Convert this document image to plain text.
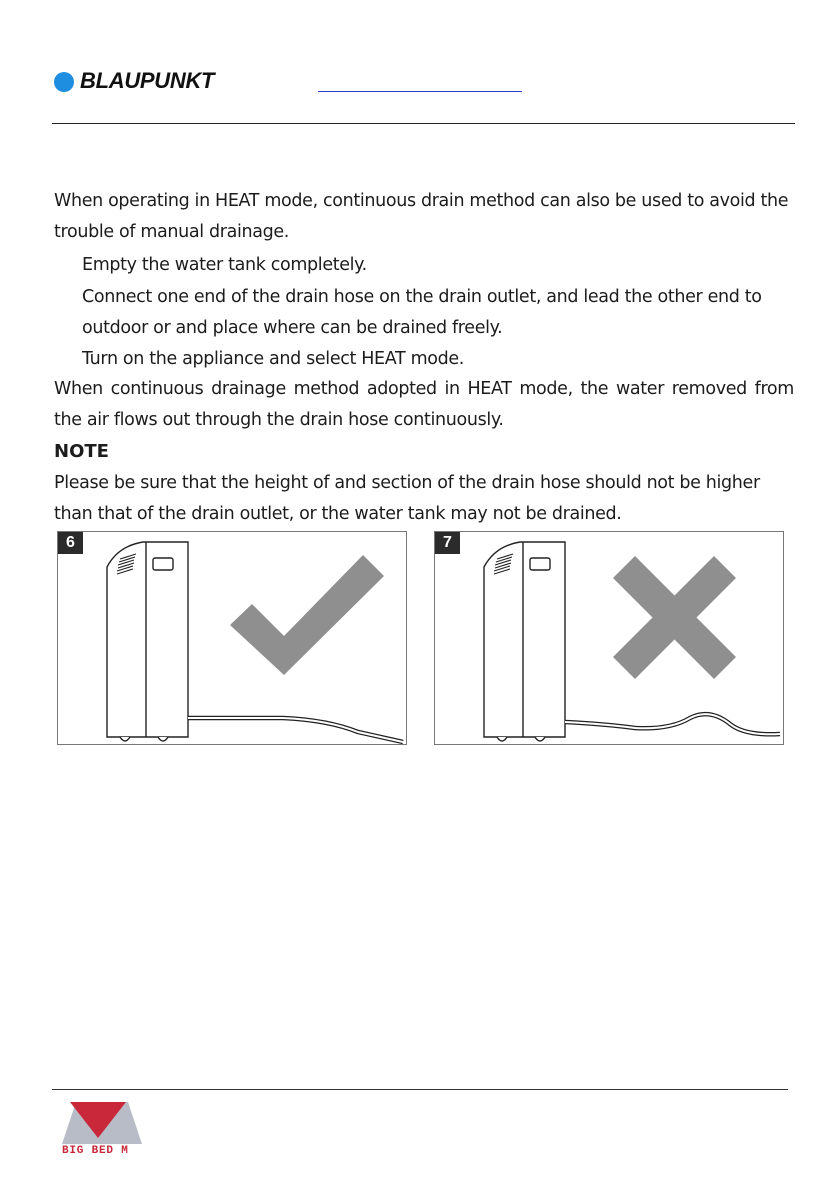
BLAUPUNKT
When operating in HEAT mode, continuous drain method can also be used to avoid the trouble of manual drainage.
Empty the water tank completely.
Connect one end of the drain hose on the drain outlet, and lead the other end to outdoor or and place where can be drained freely.
Turn on the appliance and select HEAT mode.
When continuous drainage method adopted in HEAT mode, the water removed from the air flows out through the drain hose continuously.
NOTE
Please be sure that the height of and section of the drain hose should not be higher than that of the drain outlet, or the water tank may not be drained.
6	7
BIG BED M
